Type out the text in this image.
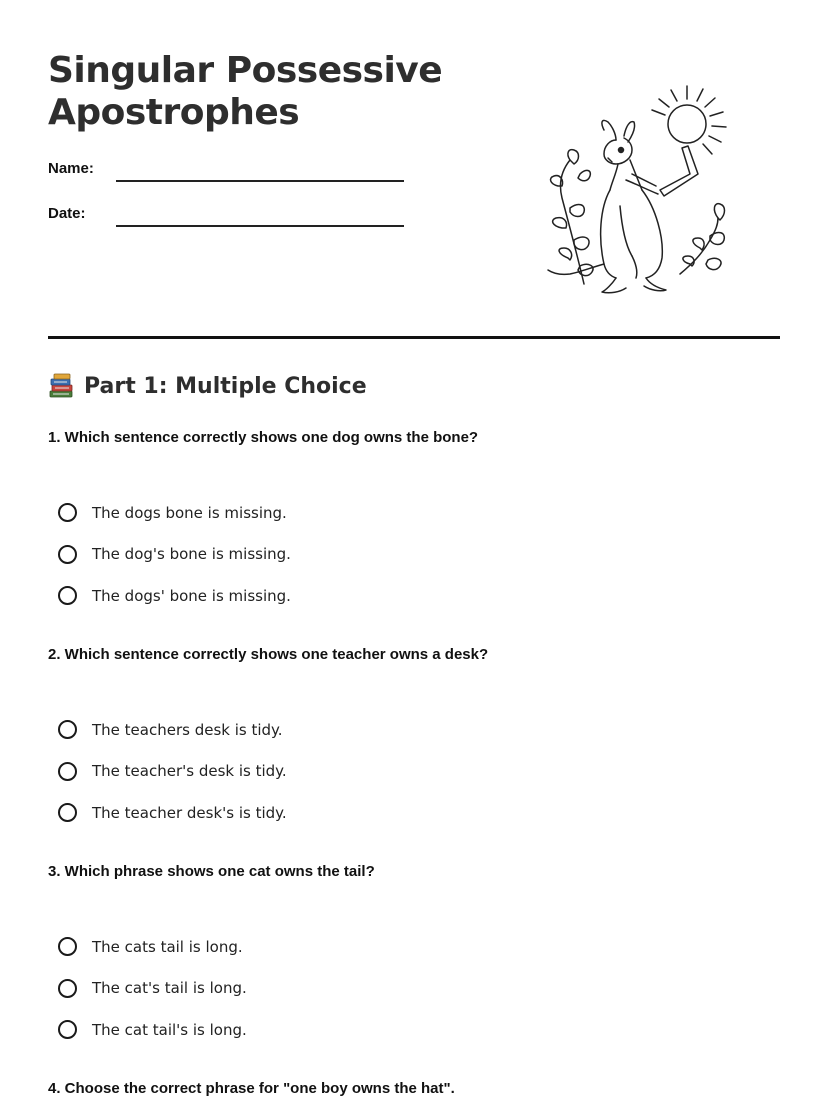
Singular Possessive
Apostrophes
Name:
Date:
Part 1: Multiple Choice

1. Which sentence correctly shows one dog owns the bone?

The dogs bone is missing.
The dog's bone is missing.
The dogs' bone is missing.

2. Which sentence correctly shows one teacher owns a desk?

The teachers desk is tidy.
The teacher's desk is tidy.
The teacher desk's is tidy.

3. Which phrase shows one cat owns the tail?

The cats tail is long.
The cat's tail is long.
The cat tail's is long.

4. Choose the correct phrase for "one boy owns the hat".
